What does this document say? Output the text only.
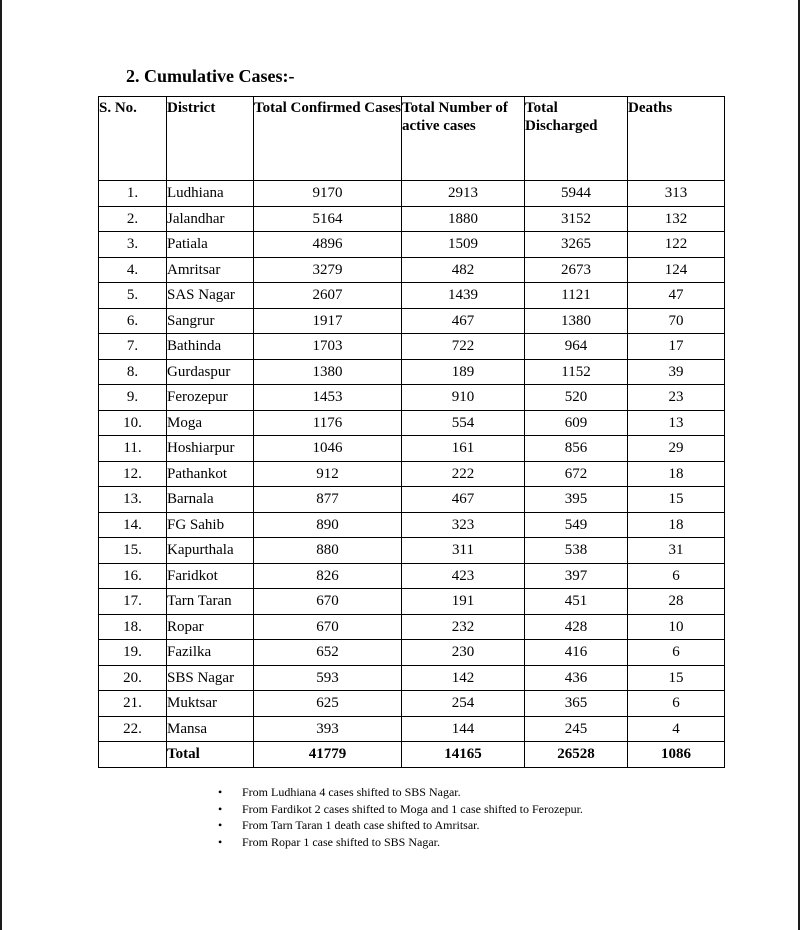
2. Cumulative Cases:-
S. No.	District	Total Confirmed Cases	Total Number of active cases	Total Discharged	Deaths
1.	Ludhiana	9170	2913	5944	313
2.	Jalandhar	5164	1880	3152	132
3.	Patiala	4896	1509	3265	122
4.	Amritsar	3279	482	2673	124
5.	SAS Nagar	2607	1439	1121	47
6.	Sangrur	1917	467	1380	70
7.	Bathinda	1703	722	964	17
8.	Gurdaspur	1380	189	1152	39
9.	Ferozepur	1453	910	520	23
10.	Moga	1176	554	609	13
11.	Hoshiarpur	1046	161	856	29
12.	Pathankot	912	222	672	18
13.	Barnala	877	467	395	15
14.	FG Sahib	890	323	549	18
15.	Kapurthala	880	311	538	31
16.	Faridkot	826	423	397	6
17.	Tarn Taran	670	191	451	28
18.	Ropar	670	232	428	10
19.	Fazilka	652	230	416	6
20.	SBS Nagar	593	142	436	15
21.	Muktsar	625	254	365	6
22.	Mansa	393	144	245	4
	Total	41779	14165	26528	1086
• From Ludhiana 4 cases shifted to SBS Nagar.
• From Fardikot 2 cases shifted to Moga and 1 case shifted to Ferozepur.
• From Tarn Taran 1 death case shifted to Amritsar.
• From Ropar 1 case shifted to SBS Nagar.
